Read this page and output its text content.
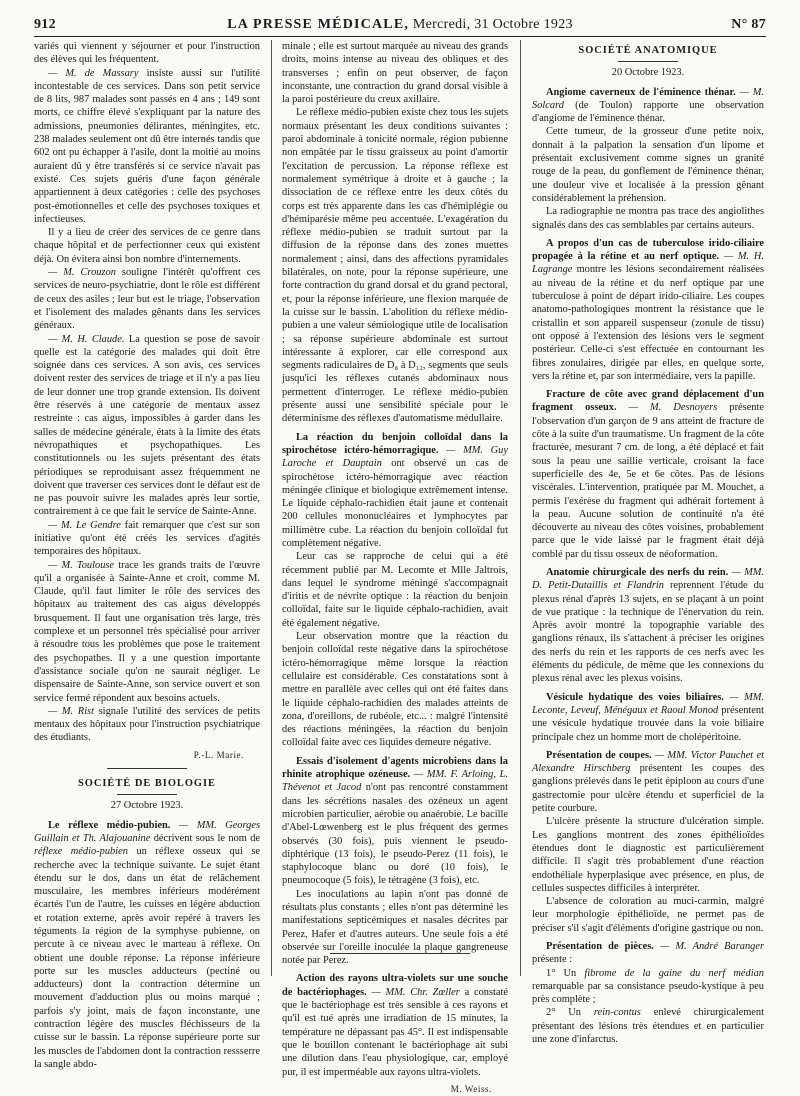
912	LA PRESSE MÉDICALE, Mercredi, 31 Octobre 1923	N° 87

variés qui viennent y séjourner et pour l'instruction des élèves qui les fréquentent.

— M. de Massary insiste aussi sur l'utilité incontestable de ces services. Dans son petit service de 8 lits, 987 malades sont passés en 4 ans ; 149 sont morts, ce chiffre élevé s'expliquant par la nature des admissions, pneumonies délirantes, méningites, etc. 238 malades seulement ont dû être internés tandis que 602 ont pu échapper à l'asile, dont la moitié au moins auraient dû y être transférés si ce service n'avait pas existé. Ces sujets guéris d'une façon générale appartiennent à deux catégories : celle des psychoses post-émotionnelles et celle des psychoses toxiques et infectieuses.

Il y a lieu de créer des services de ce genre dans chaque hôpital et de perfectionner ceux qui existent déjà. On évitera ainsi bon nombre d'internements.

— M. Crouzon souligne l'intérêt qu'offrent ces services de neuro-psychiatrie, dont le rôle est différent de ceux des asiles ; leur but est le triage, l'observation et l'isolement des malades gênants dans les services généraux.

— M. H. Claude. La question se pose de savoir quelle est la catégorie des malades qui doit être soignée dans ces services. A son avis, ces services doivent rester des services de triage et il n'y a pas lieu de leur donner une trop grande extension. Ils doivent être réservés à une catégorie de mentaux assez restreinte : cas aigus, impossibles à garder dans les salles de médecine générale, états à la limite des états névropathiques et psychopathiques. Les constitutionnels ou les sujets présentant des états périodiques se reproduisant assez fréquemment ne doivent que traverser ces services dont le défaut est de ne pas pouvoir suivre les malades après leur sortie, contrairement à ce que fait le service de Sainte-Anne.

— M. Le Gendre fait remarquer que c'est sur son initiative qu'ont été créés les services d'agités temporaires des hôpitaux.

— M. Toulouse trace les grands traits de l'œuvre qu'il a organisée à Sainte-Anne et croit, comme M. Claude, qu'il faut limiter le rôle des services des hôpitaux au traitement des cas aigus développés brusquement. Il faut une organisation très large, très complexe et un personnel très spécialisé pour arriver à résoudre tous les problèmes que pose le traitement des psychopathes. Il y a une question importante d'assistance sociale qu'on ne saurait négliger. Le dispensaire de Sainte-Anne, son service ouvert et son service fermé répondent aux besoins actuels.

— M. Rist signale l'utilité des services de petits mentaux des hôpitaux pour l'instruction psychiatrique des étudiants.

P.-L. Marie.
SOCIÉTÉ DE BIOLOGIE
27 Octobre 1923.

Le réflexe médio-pubien. — MM. Georges Guillain et Th. Alajouanine décrivent sous le nom de réflexe médio-pubien un réflexe osseux qui se recherche avec la technique suivante. Le sujet étant étendu sur le dos, dans un état de relâchement musculaire, les membres inférieurs modérément écartés l'un de l'autre, les cuisses en légère abduction et rotation externe, après avoir repéré à travers les téguments la région de la symphyse pubienne, on percute à ce niveau avec le marteau à réflexe. On obtient une double réponse. La réponse inférieure porte sur les muscles adducteurs (pectiné ou adducteurs) dont la contraction détermine un mouvement d'adduction plus ou moins marqué ; parfois s'y joint, mais de façon inconstante, une contraction légère des muscles fléchisseurs de la cuisse sur le bassin. La réponse supérieure porte sur les muscles de l'abdomen dont la contraction ressserre la sangle abdo-

minale ; elle est surtout marquée au niveau des grands droits, moins intense au niveau des obliques et des transverses ; enfin on peut observer, de façon inconstante, une contraction du grand dorsal visible à la paroi postérieure du creux axillaire.

Le réflexe médio-pubien existe chez tous les sujets normaux présentant les deux conditions suivantes : paroi abdominale à tonicité normale, région pubienne non empâtée par le tissu graisseux au point d'amortir l'excitation de percussion. La réponse réflexe est normalement symétrique à droite et à gauche ; la dissociation de ce réflexe entre les deux côtés du corps est très apparente dans les cas d'hémiplégie ou d'hémiparésie même peu accentuée. L'exagération du réflexe médio-pubien se traduit surtout par la diffusion de la réponse dans des zones muettes normalement ; ainsi, dans des affections pyramidales bilatérales, on note, pour la réponse supérieure, une forte contraction du grand dorsal et du grand pectoral, et, pour la réponse inférieure, une flexion marquée de la cuisse sur le bassin. L'abolition du réflexe médio-pubien a une valeur sémiologique utile de localisation ; sa réponse supérieure abdominale est surtout intéressante à explorer, car elle correspond aux segments radiculaires de D₈ à D₁₂, segments que seuls jusqu'ici les réflexes cutanés abdominaux nous permettent d'interroger. Le réflexe médio-pubien présente aussi une sensibilité spéciale pour le déterminisme des réflexes d'automatisme médullaire.

La réaction du benjoin colloïdal dans la spirochétose ictéro-hémorragique. — MM. Guy Laroche et Dauptain ont observé un cas de spirochétose ictéro-hémorragique avec réaction méningée clinique et biologique extrêmement intense. Le liquide céphalo-rachidien était jaune et contenait 200 cellules mononucléaires et lymphocytes par millimètre cube. La réaction du benjoin colloïdal fut complètement négative.

Leur cas se rapproche de celui qui a été récemment publié par M. Lecomte et Mlle Jaltrois, dans lequel le syndrome méningé s'accompagnait d'iritis et de névrite optique : la réaction du benjoin colloïdal, faite sur le liquide céphalo-rachidien, avait été également négative.

Leur observation montre que la réaction du benjoin colloïdal reste négative dans la spirochétose ictéro-hémorragique même lorsque la réaction cellulaire est considérable. Ces constatations sont à mettre en parallèle avec celles qui ont été faites dans le liquide céphalo-rachidien des malades atteints de zona, d'oreillons, de rubéole, etc... : malgré l'intensité des réactions méningées, la réaction du benjoin colloïdal faite avec ces liquides demeure négative.

Essais d'isolement d'agents microbiens dans la rhinite atrophique ozéneuse. — MM. F. Arloing, L. Thévenot et Jacod n'ont pas rencontré constamment dans les sécrétions nasales des ozéneux un agent microbien particulier, aérobie ou anaérobie. Le bacille d'Abel-Lœwenberg est le plus fréquent des germes observés (30 fois), puis viennent le pseudo-diphtérique (13 fois), le pseudo-Perez (11 fois), le staphylocoque blanc ou doré (10 fois), le pneumocoque (5 fois), le tétragène (3 fois), etc.

Les inoculations au lapin n'ont pas donné de résultats plus constants ; elles n'ont pas déterminé les manifestations septicémiques et nasales décrites par Perez, Hafer et d'autres auteurs. Une seule fois a été observée sur l'oreille inoculée la plaque gangreneuse notée par Perez.

Action des rayons ultra-violets sur une souche de bactériophages. — MM. Chr. Zœller a constaté que le bactériophage est très sensible à ces rayons et qu'il est tué après une irradiation de 15 minutes, la température ne dépassant pas 45°. Il est indispensable que le bouillon contenant le bactériophage ait subi une dilution dans l'eau physiologique, car, employé pur, il est imperméable aux rayons ultra-violets.

M. Weiss.
SOCIÉTÉ ANATOMIQUE
20 Octobre 1923.

Angiome caverneux de l'éminence thénar. — M. Solcard (de Toulon) rapporte une observation d'angiome de l'éminence thénar.

Cette tumeur, de la grosseur d'une petite noix, donnait à la palpation la sensation d'un lipome et présentait exclusivement comme signes un granité rouge de la peau, du gonflement de l'éminence thénar, une douleur vive et localisée à la pression gênant considérablement la préhension.

La radiographie ne montra pas trace des angiolithes signalés dans des cas semblables par certains auteurs.

A propos d'un cas de tuberculose irido-ciliaire propagée à la rétine et au nerf optique. — M. H. Lagrange montre les lésions secondairement réalisées au niveau de la rétine et du nerf optique par une tuberculose à point de départ irido-ciliaire. Les coupes anatomo-pathologiques montrent la résistance que le cristallin et son appareil suspenseur (zonule de tissu) ont opposé à l'extension des lésions vers le segment postérieur. Celle-ci s'est effectuée en contournant les fibres zonulaires, dirigée par elles, en quelque sorte, vers la rétine et, par son intermédiaire, vers la papille.

Fracture de côte avec grand déplacement d'un fragment osseux. — M. Desnoyers présente l'observation d'un garçon de 9 ans atteint de fracture de côte à la suite d'un traumatisme. Un fragment de la côte fracturée, mesurant 7 cm. de long, a été déplacé et fait sous la peau une saillie verticale, croisant la face superficielle des 4e, 5e et 6e côtes. Pas de lésions viscérales. L'intervention, pratiquée par M. Mouchet, a permis l'exérèse du fragment qui adhérait fortement à la peau. Aucune solution de continuité n'a été découverte au niveau des côtes voisines, probablement parce que le vide laissé par le fragment était déjà comblé par du tissu osseux de néoformation.

Anatomie chirurgicale des nerfs du rein. — MM. D. Petit-Dutaillis et Flandrin reprennent l'étude du plexus rénal d'après 13 sujets, en se plaçant à un point de vue pratique : la technique de l'énervation du rein. Après avoir montré la topographie variable des ganglions rénaux, ils s'attachent à préciser les origines des nerfs du rein et les rapports de ces nerfs avec les éléments du pédicule, de même que les connexions du plexus rénal avec les plexus voisins.

Vésicule hydatique des voies biliaires. — MM. Leconte, Leveuf, Ménégaux et Raoul Monod présentent une vésicule hydatique trouvée dans la voie biliaire principale chez un homme mort de cholépéritoine.

Présentation de coupes. — MM. Victor Pauchet et Alexandre Hirschberg présentent les coupes des ganglions prélevés dans le petit épiploon au cours d'une gastrectomie pour ulcère étendu et superficiel de la petite courbure.

L'ulcère présente la structure d'ulcération simple. Les ganglions montrent des zones épithélioïdes étendues dont le diagnostic est particulièrement difficile. Il s'agit très probablement d'une réaction endothéliale hyperplasique avec présence, en plus, de cellules suspectes difficiles à interpréter.

L'absence de coloration au muci-carmin, malgré leur morphologie épithélioïde, ne permet pas de préciser s'il s'agit d'éléments d'origine gastrique ou non.

Présentation de pièces. — M. André Baranger présente :

1° Un fibrome de la gaine du nerf médian remarquable par sa consistance pseudo-kystique à peu près complète ;

2° Un rein-contus enlevé chirurgicalement présentant des lésions très étendues et en particulier une zone d'infarctus.
